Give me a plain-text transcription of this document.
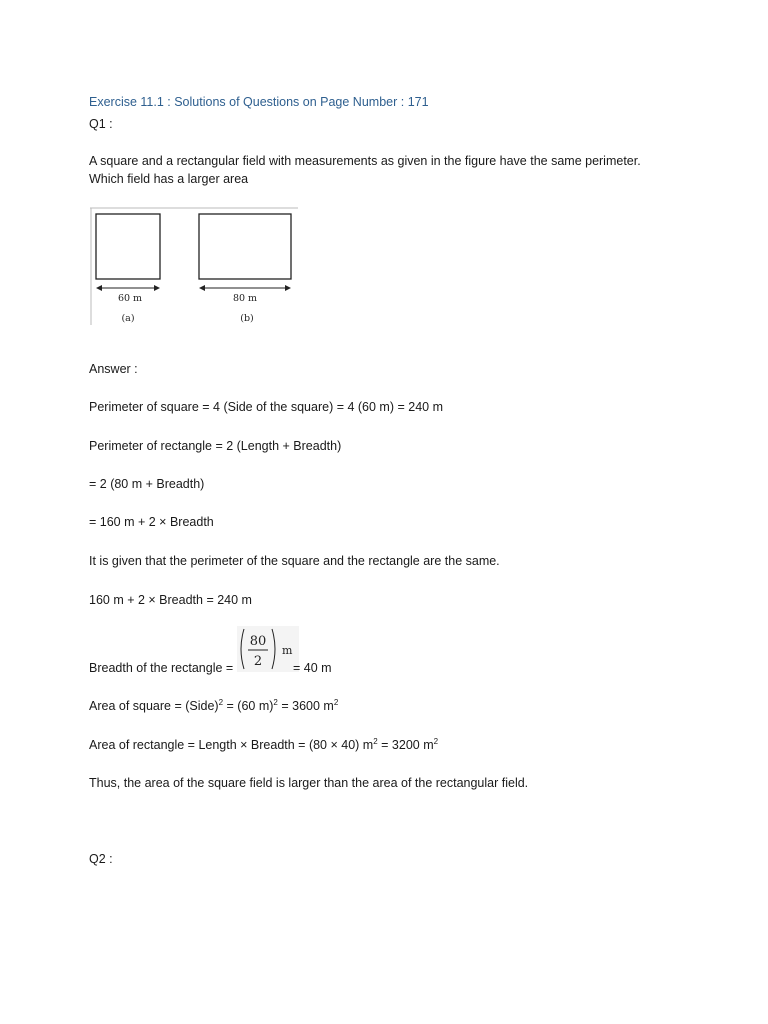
Exercise 11.1 : Solutions of Questions on Page Number : 171
Q1 :
A square and a rectangular field with measurements as given in the figure have the same perimeter.
Which field has a larger area
60 m
(a)
80 m
(b)
Answer :
Perimeter of square = 4 (Side of the square) = 4 (60 m) = 240 m
Perimeter of rectangle = 2 (Length + Breadth)
= 2 (80 m + Breadth)
= 160 m + 2 × Breadth
It is given that the perimeter of the square and the rectangle are the same.
160 m + 2 × Breadth = 240 m
Breadth of the rectangle =
80
2
m
= 40 m
Area of square = (Side)$^2$ = (60 m)$^2$ = 3600 $m^2$
Area of rectangle = Length × Breadth = (80 × 40) $m^2 = 3200$ $m^2$
Thus, the area of the square field is larger than the area of the rectangular field.
Q2 :
